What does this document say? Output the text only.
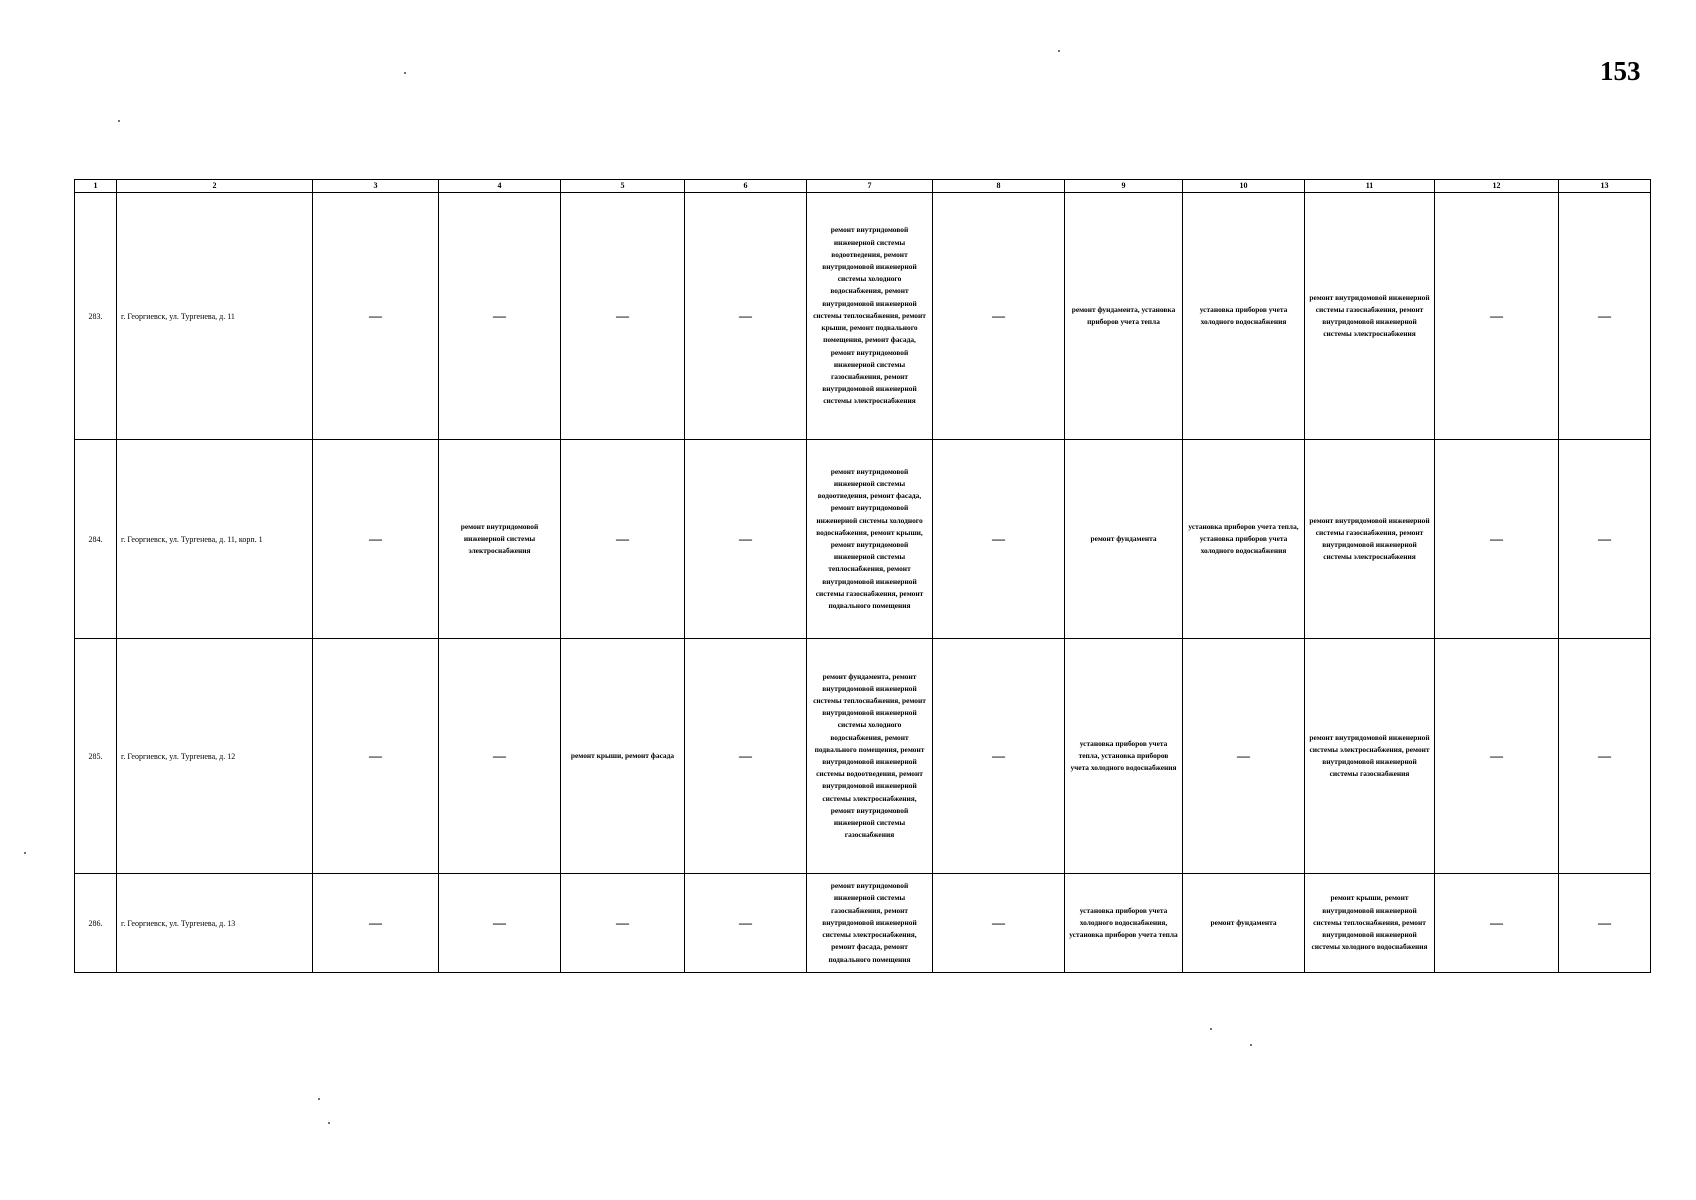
153
1	2	3	4	5	6	7	8	9	10	11	12	13
283.	г. Георгиевск, ул. Тургенева, д. 11	—	—	—	—	ремонт внутридомовой инженерной системы водоотведения, ремонт внутридомовой инженерной системы холодного водоснабжения, ремонт внутридомовой инженерной системы теплоснабжения, ремонт крыши, ремонт подвального помещения, ремонт фасада, ремонт внутридомовой инженерной системы газоснабжения, ремонт внутридомовой инженерной системы электроснабжения	—	ремонт фундамента, установка приборов учета тепла	установка приборов учета холодного водоснабжения	ремонт внутридомовой инженерной системы газоснабжения, ремонт внутридомовой инженерной системы электроснабжения	—	—
284.	г. Георгиевск, ул. Тургенева, д. 11, корп. 1	—	ремонт внутридомовой инженерной системы электроснабжения	—	—	ремонт внутридомовой инженерной системы водоотведения, ремонт фасада, ремонт внутридомовой инженерной системы холодного водоснабжения, ремонт крыши, ремонт внутридомовой инженерной системы теплоснабжения, ремонт внутридомовой инженерной системы газоснабжения, ремонт подвального помещения	—	ремонт фундамента	установка приборов учета тепла, установка приборов учета холодного водоснабжения	ремонт внутридомовой инженерной системы газоснабжения, ремонт внутридомовой инженерной системы электроснабжения	—	—
285.	г. Георгиевск, ул. Тургенева, д. 12	—	—	ремонт крыши, ремонт фасада	—	ремонт фундамента, ремонт внутридомовой инженерной системы теплоснабжения, ремонт внутридомовой инженерной системы холодного водоснабжения, ремонт подвального помещения, ремонт внутридомовой инженерной системы водоотведения, ремонт внутридомовой инженерной системы электроснабжения, ремонт внутридомовой инженерной системы газоснабжения	—	установка приборов учета тепла, установка приборов учета холодного водоснабжения	—	ремонт внутридомовой инженерной системы электроснабжения, ремонт внутридомовой инженерной системы газоснабжения	—	—
286.	г. Георгиевск, ул. Тургенева, д. 13	—	—	—	—	ремонт внутридомовой инженерной системы газоснабжения, ремонт внутридомовой инженерной системы электроснабжения, ремонт фасада, ремонт подвального помещения	—	установка приборов учета холодного водоснабжения, установка приборов учета тепла	ремонт фундамента	ремонт крыши, ремонт внутридомовой инженерной системы теплоснабжения, ремонт внутридомовой инженерной системы холодного водоснабжения	—	—
